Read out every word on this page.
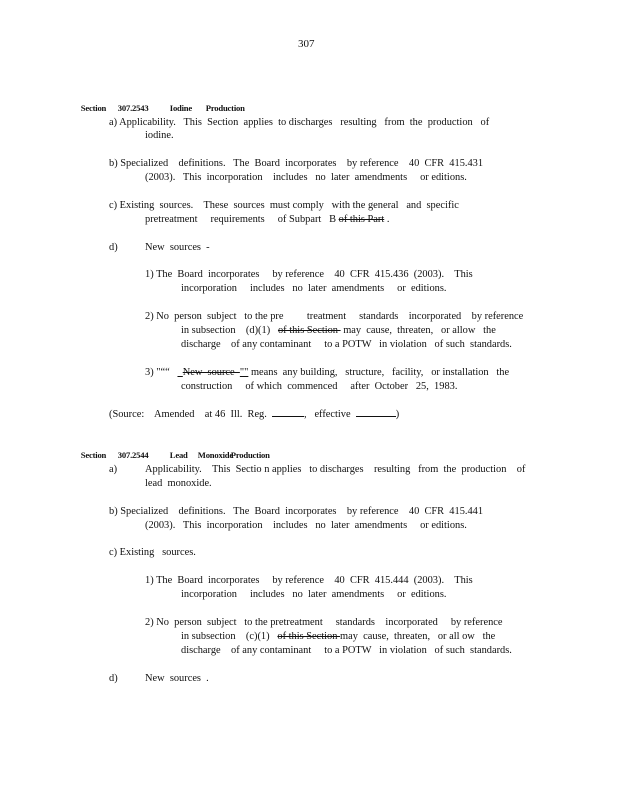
307

Section 307.2543 Iodine Production

a) Applicability.   This  Section  applies  to discharges   resulting   from  the  production   of
iodine.
b) Specialized    definitions.   The  Board  incorporates    by reference    40  CFR  415.431
(2003).   This  incorporation    includes   no  later  amendments     or editions.
c) Existing  sources.    These  sources  must comply   with the general   and  specific
pretreatment     requirements     of Subpart   B of this Part .
d)	New  sources  -
1) The  Board  incorporates     by reference    40  CFR  415.436  (2003).    This
incorporation     includes   no  later  amendments     or  editions.
2) No  person  subject   to the pre         treatment     standards    incorporated    by reference
in subsection    (d)(1)   of this Section  may  cause,  threaten,   or allow   the
discharge    of any contaminant     to a POTW   in violation   of such  standards.
3) "““   _New  source  "" means  any building,   structure,   facility,   or installation   the
construction     of which  commenced     after  October   25,  1983.
(Source:    Amended    at 46  Ill.  Reg.	,   effective	)

Section 307.2544 Lead MonoxideProduction

a)	Applicability.    This  Sectio n applies   to discharges    resulting   from  the  production    of
lead  monoxide.
b) Specialized    definitions.   The  Board  incorporates    by reference    40  CFR  415.441
(2003).   This  incorporation    includes   no  later  amendments     or editions.
c) Existing   sources.
1) The  Board  incorporates     by reference    40  CFR  415.444  (2003).    This
incorporation     includes   no  later  amendments     or  editions.
2) No  person  subject   to the pretreatment     standards    incorporated     by reference
in subsection    (c)(1)   of this Section may  cause,  threaten,   or all ow   the
discharge    of any contaminant     to a POTW   in violation   of such  standards.
d)	New  sources  .
